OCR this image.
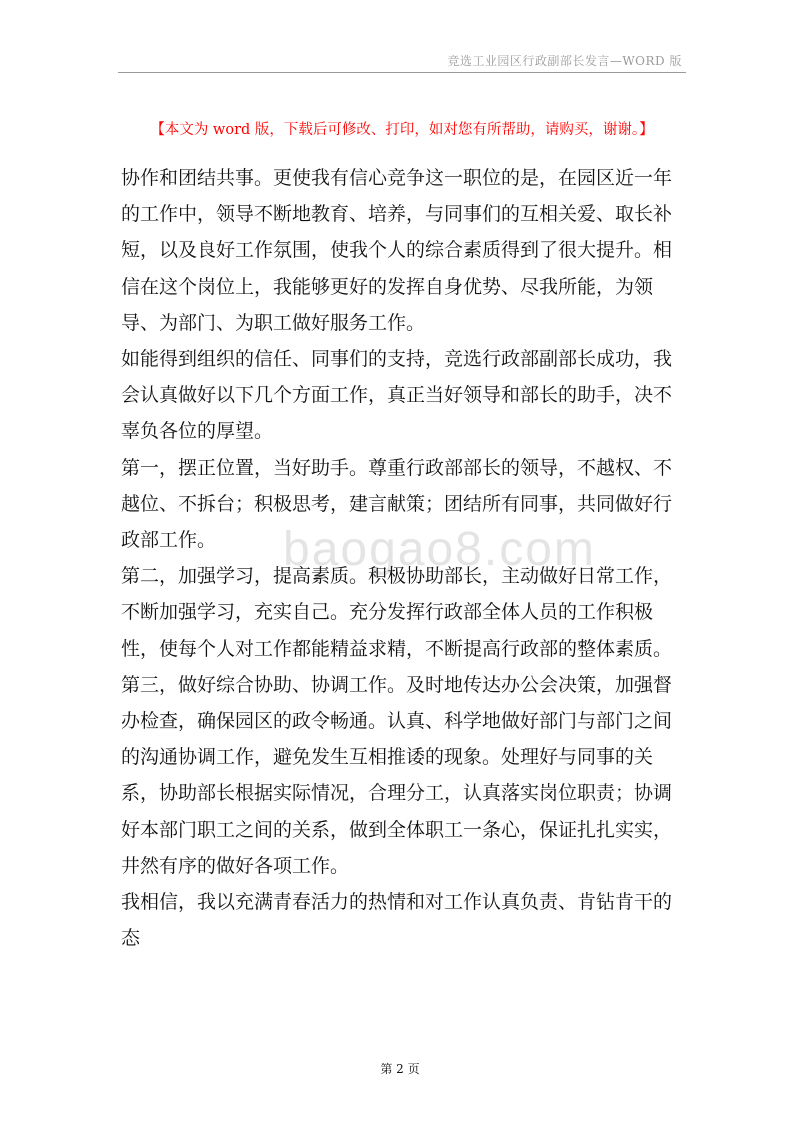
竞选工业园区行政副部长发言—WORD 版
【本文为 word 版，下载后可修改、打印，如对您有所帮助，请购买，谢谢。】
baogao8.com

协作和团结共事。更使我有信心竞争这一职位的是，在园区近一年的工作中，领导不断地教育、培养，与同事们的互相关爱、取长补短，以及良好工作氛围，使我个人的综合素质得到了很大提升。相信在这个岗位上，我能够更好的发挥自身优势、尽我所能，为领导、为部门、为职工做好服务工作。

如能得到组织的信任、同事们的支持，竞选行政部副部长成功，我会认真做好以下几个方面工作，真正当好领导和部长的助手，决不辜负各位的厚望。

第一，摆正位置，当好助手。尊重行政部部长的领导，不越权、不越位、不拆台；积极思考，建言献策；团结所有同事，共同做好行政部工作。

第二，加强学习，提高素质。积极协助部长，主动做好日常工作，不断加强学习，充实自己。充分发挥行政部全体人员的工作积极性，使每个人对工作都能精益求精，不断提高行政部的整体素质。

第三，做好综合协助、协调工作。及时地传达办公会决策，加强督办检查，确保园区的政令畅通。认真、科学地做好部门与部门之间的沟通协调工作，避免发生互相推诿的现象。处理好与同事的关系，协助部长根据实际情况，合理分工，认真落实岗位职责；协调好本部门职工之间的关系，做到全体职工一条心，保证扎扎实实，井然有序的做好各项工作。

我相信，我以充满青春活力的热情和对工作认真负责、肯钻肯干的态

第 2 页
